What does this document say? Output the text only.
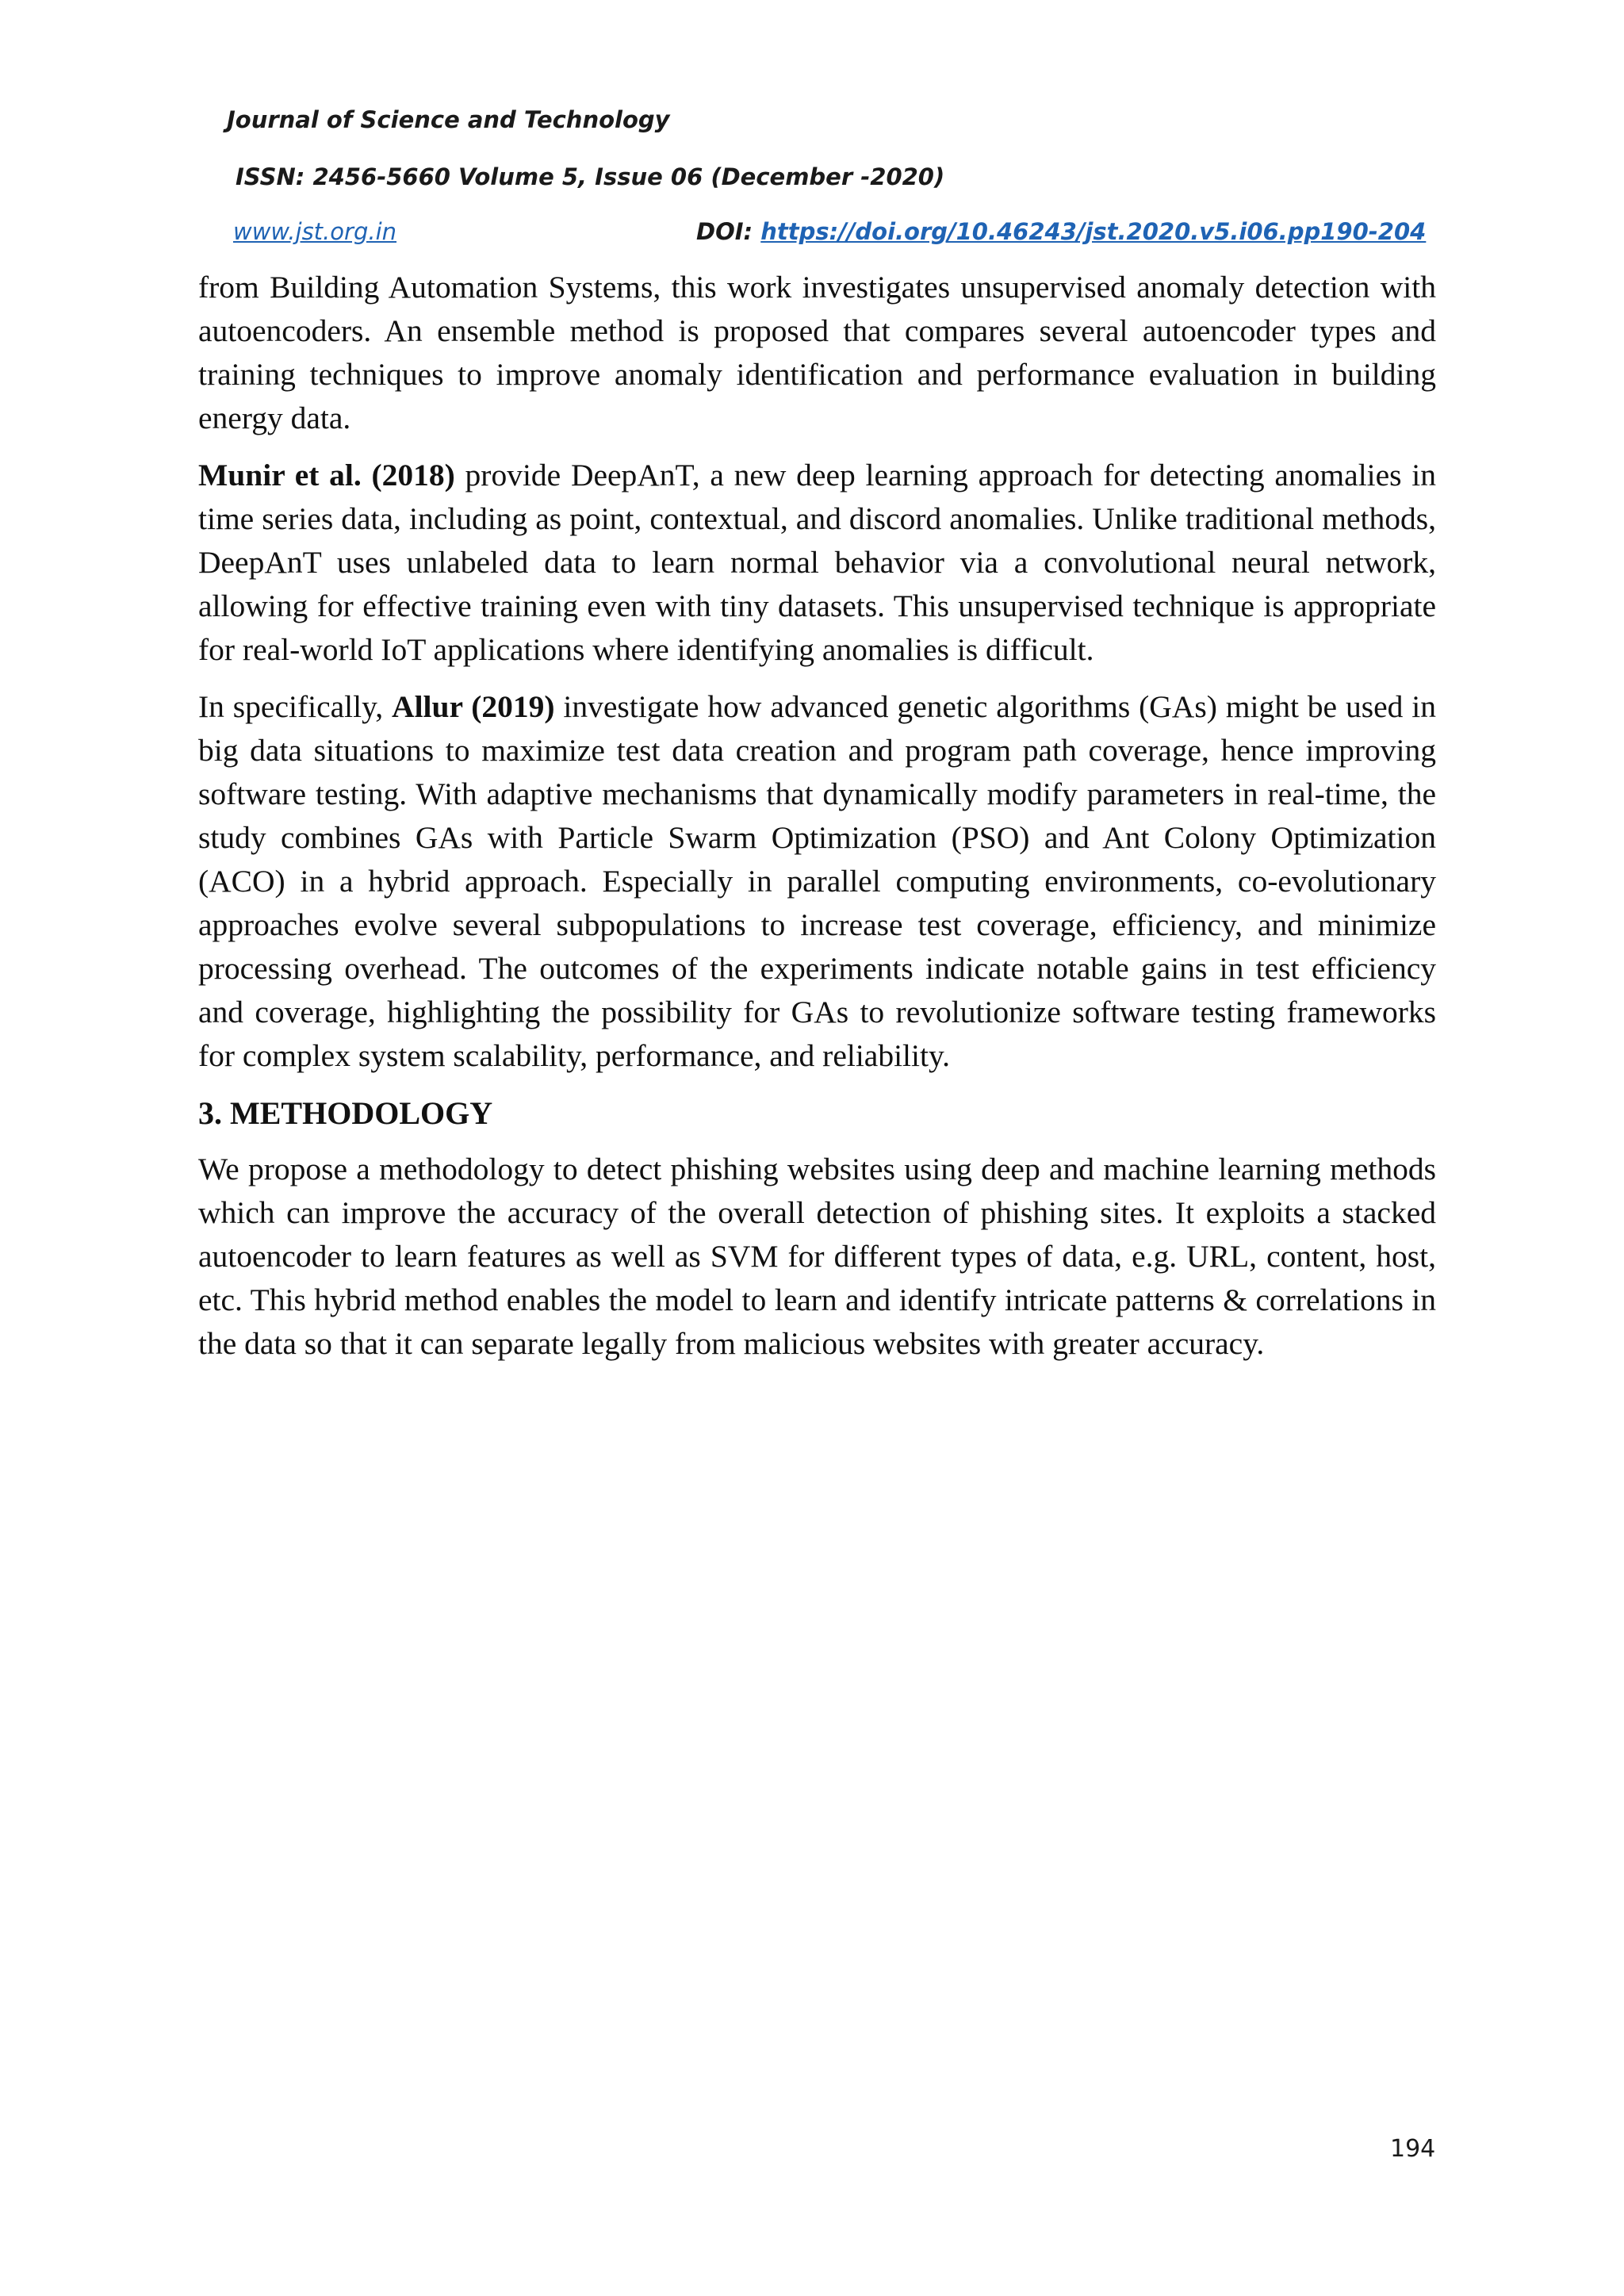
Journal of Science and Technology
ISSN: 2456-5660 Volume 5, Issue 06 (December -2020)
www.jst.org.in	DOI: https://doi.org/10.46243/jst.2020.v5.i06.pp190-204

from Building Automation Systems, this work investigates unsupervised anomaly detection with autoencoders. An ensemble method is proposed that compares several autoencoder types and training techniques to improve anomaly identification and performance evaluation in building energy data.

Munir et al. (2018) provide DeepAnT, a new deep learning approach for detecting anomalies in time series data, including as point, contextual, and discord anomalies. Unlike traditional methods, DeepAnT uses unlabeled data to learn normal behavior via a convolutional neural network, allowing for effective training even with tiny datasets. This unsupervised technique is appropriate for real-world IoT applications where identifying anomalies is difficult.

In specifically, Allur (2019) investigate how advanced genetic algorithms (GAs) might be used in big data situations to maximize test data creation and program path coverage, hence improving software testing. With adaptive mechanisms that dynamically modify parameters in real-time, the study combines GAs with Particle Swarm Optimization (PSO) and Ant Colony Optimization (ACO) in a hybrid approach. Especially in parallel computing environments, co-evolutionary approaches evolve several subpopulations to increase test coverage, efficiency, and minimize processing overhead. The outcomes of the experiments indicate notable gains in test efficiency and coverage, highlighting the possibility for GAs to revolutionize software testing frameworks for complex system scalability, performance, and reliability.

3. METHODOLOGY

We propose a methodology to detect phishing websites using deep and machine learning methods which can improve the accuracy of the overall detection of phishing sites. It exploits a stacked autoencoder to learn features as well as SVM for different types of data, e.g. URL, content, host, etc. This hybrid method enables the model to learn and identify intricate patterns & correlations in the data so that it can separate legally from malicious websites with greater accuracy.

194
